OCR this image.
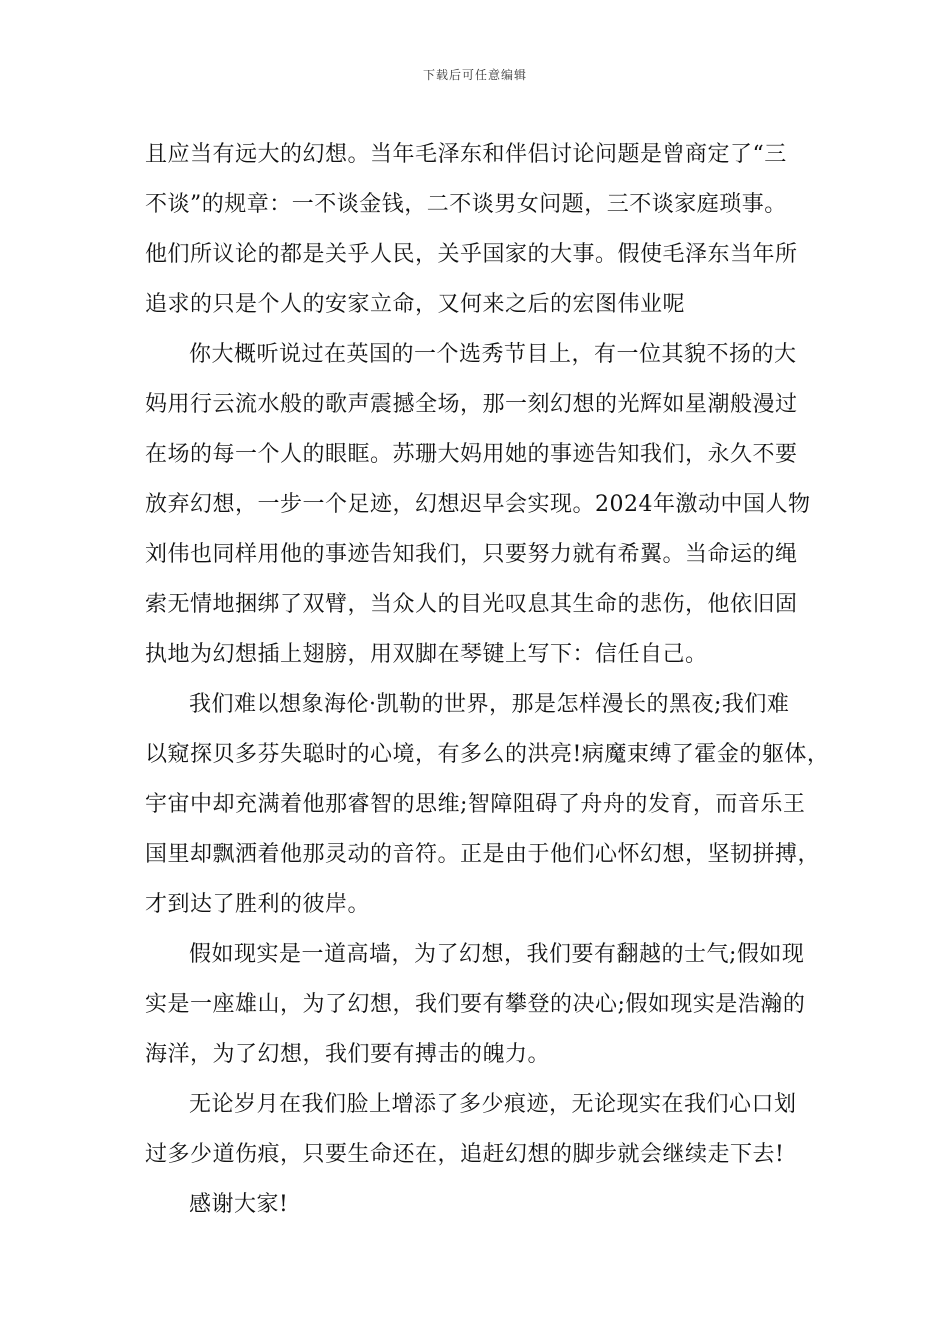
下载后可任意编辑
且应当有远大的幻想。当年毛泽东和伴侣讨论问题是曾商定了“三
不谈”的规章：一不谈金钱，二不谈男女问题，三不谈家庭琐事。
他们所议论的都是关乎人民，关乎国家的大事。假使毛泽东当年所
追求的只是个人的安家立命，又何来之后的宏图伟业呢
你大概听说过在英国的一个选秀节目上，有一位其貌不扬的大
妈用行云流水般的歌声震撼全场，那一刻幻想的光辉如星潮般漫过
在场的每一个人的眼眶。苏珊大妈用她的事迹告知我们，永久不要
放弃幻想，一步一个足迹，幻想迟早会实现。2024年激动中国人物
刘伟也同样用他的事迹告知我们，只要努力就有希翼。当命运的绳
索无情地捆绑了双臂，当众人的目光叹息其生命的悲伤，他依旧固
执地为幻想插上翅膀，用双脚在琴键上写下：信任自己。
我们难以想象海伦·凯勒的世界，那是怎样漫长的黑夜;我们难
以窥探贝多芬失聪时的心境，有多么的洪亮!病魔束缚了霍金的躯体，
宇宙中却充满着他那睿智的思维;智障阻碍了舟舟的发育，而音乐王
国里却飘洒着他那灵动的音符。正是由于他们心怀幻想，坚韧拼搏，
才到达了胜利的彼岸。
假如现实是一道高墙，为了幻想，我们要有翻越的士气;假如现
实是一座雄山，为了幻想，我们要有攀登的决心;假如现实是浩瀚的
海洋，为了幻想，我们要有搏击的魄力。
无论岁月在我们脸上增添了多少痕迹，无论现实在我们心口划
过多少道伤痕，只要生命还在，追赶幻想的脚步就会继续走下去!
感谢大家!
